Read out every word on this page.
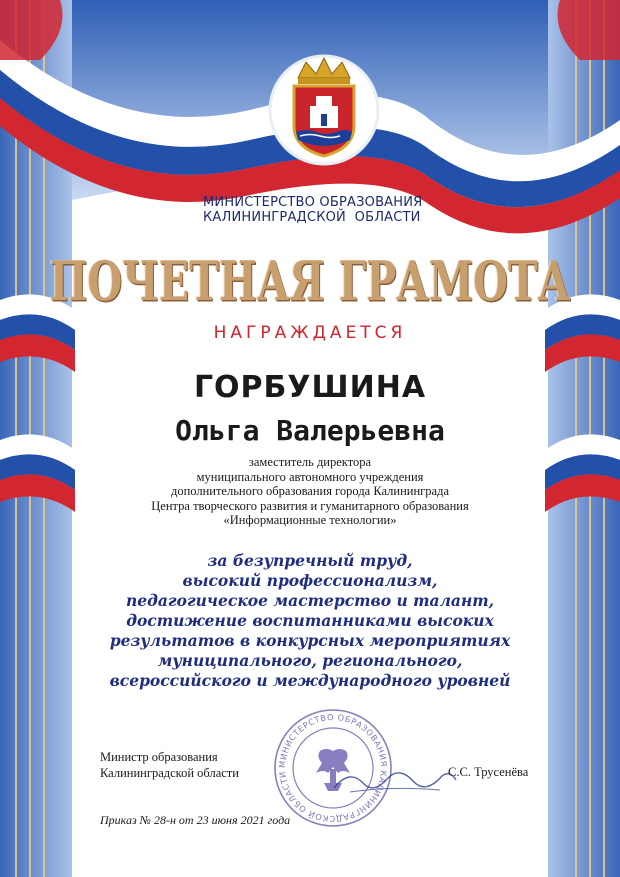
МИНИСТЕРСТВО ОБРАЗОВАНИЯ
КАЛИНИНГРАДСКОЙ  ОБЛАСТИ
ПОЧЕТНАЯ ГРАМОТА
НАГРАЖДАЕТСЯ
ГОРБУШИНА
Ольга Валерьевна
заместитель директора
муниципального автономного учреждения
дополнительного образования города Калининграда
Центра творческого развития и гуманитарного образования
«Информационные технологии»
за безупречный труд,
высокий профессионализм,
педагогическое мастерство и талант,
достижение воспитанниками высоких
результатов в конкурсных мероприятиях
муниципального, регионального,
всероссийского и международного уровней
МИНИСТЕРСТВО ОБРАЗОВАНИЯ КАЛИНИНГРАДСКОЙ ОБЛАСТИ
Министр образования
Калининградской области	С.С. Трусенёва
Приказ № 28-н от 23 июня 2021 года
